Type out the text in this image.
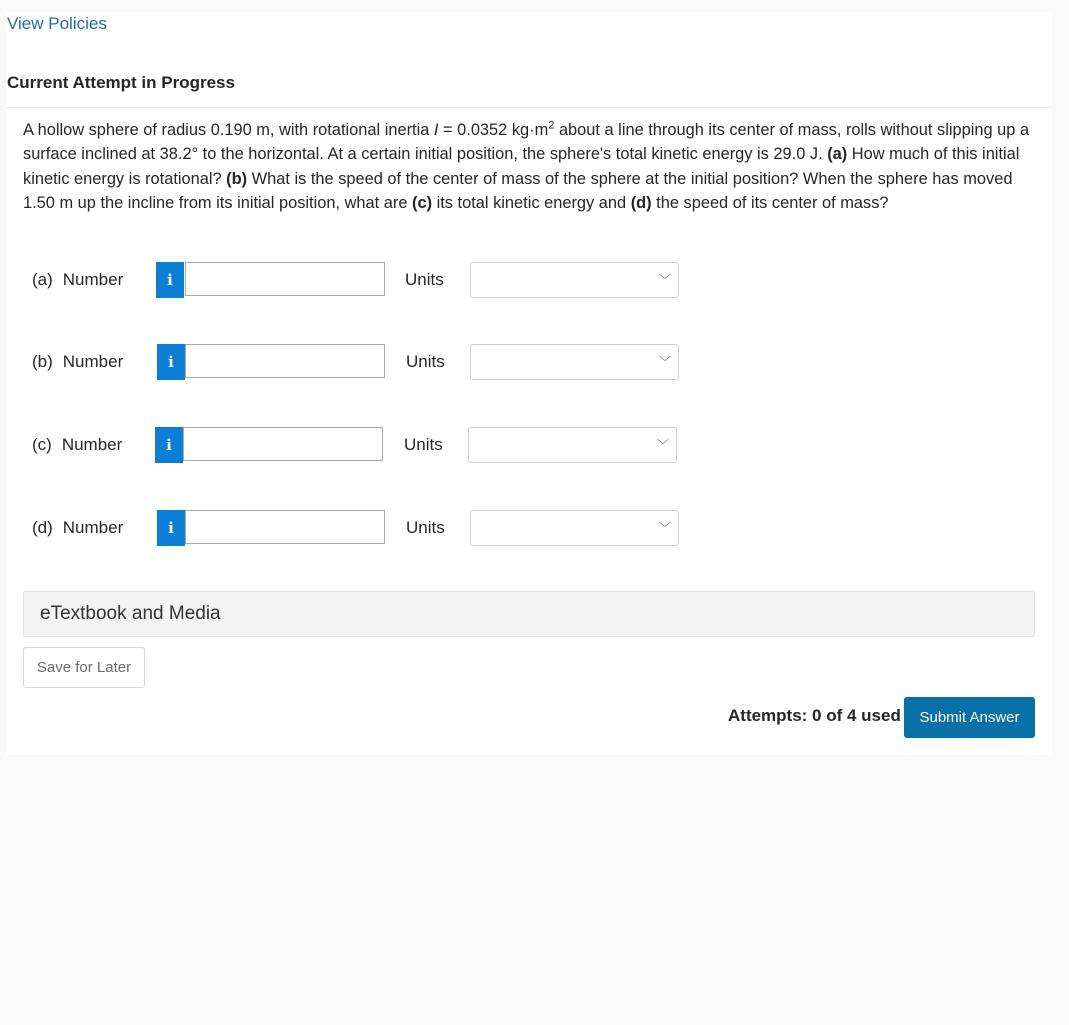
View Policies
Current Attempt in Progress
A hollow sphere of radius 0.190 m, with rotational inertia I = 0.0352 $kg\cdot m^2$ about a line through its center of mass, rolls without slipping up a surface inclined at 38.2° to the horizontal. At a certain initial position, the sphere's total kinetic energy is 29.0 J. (a) How much of this initial kinetic energy is rotational? (b) What is the speed of the center of mass of the sphere at the initial position? When the sphere has moved 1.50 m up the incline from its initial position, what are (c) its total kinetic energy and (d) the speed of its center of mass?
(a) Number	i	Units	﹀
(b) Number	i	Units	﹀
(c) Number	i	Units	﹀
(d) Number	i	Units	﹀
eTextbook and Media
Save for Later
Attempts: 0 of 4 used	Submit Answer
